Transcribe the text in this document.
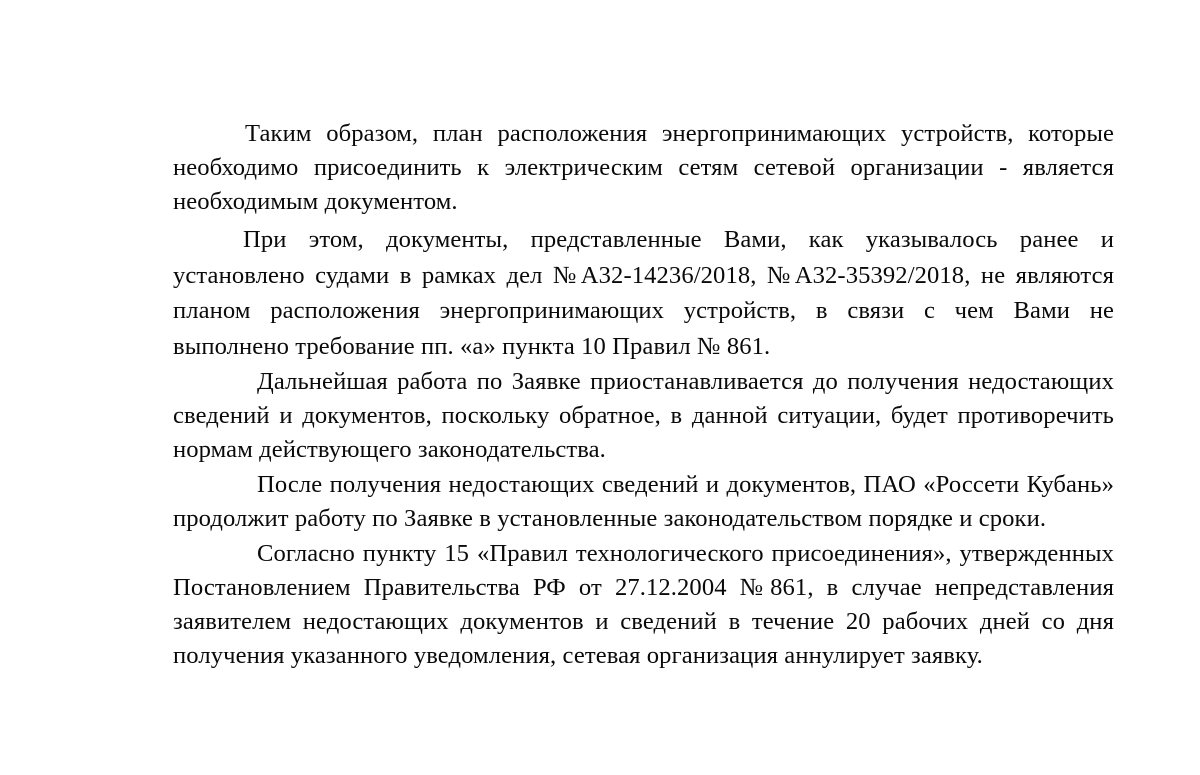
Таким образом, план расположения энергопринимающих устройств, которые необходимо присоединить к электрическим сетям сетевой организации - является необходимым документом.

При этом, документы, представленные Вами, как указывалось ранее и установлено судами в рамках дел №А32-14236/2018, №А32-35392/2018, не являются планом расположения энергопринимающих устройств, в связи с чем Вами не выполнено требование пп. «а» пункта 10 Правил № 861.

Дальнейшая работа по Заявке приостанавливается до получения недостающих сведений и документов, поскольку обратное, в данной ситуации, будет противоречить нормам действующего законодательства.

После получения недостающих сведений и документов, ПАО «Россети Кубань» продолжит работу по Заявке в установленные законодательством порядке и сроки.

Согласно пункту 15 «Правил технологического присоединения», утвержденных Постановлением Правительства РФ от 27.12.2004 №861, в случае непредставления заявителем недостающих документов и сведений в течение 20 рабочих дней со дня получения указанного уведомления, сетевая организация аннулирует заявку.
